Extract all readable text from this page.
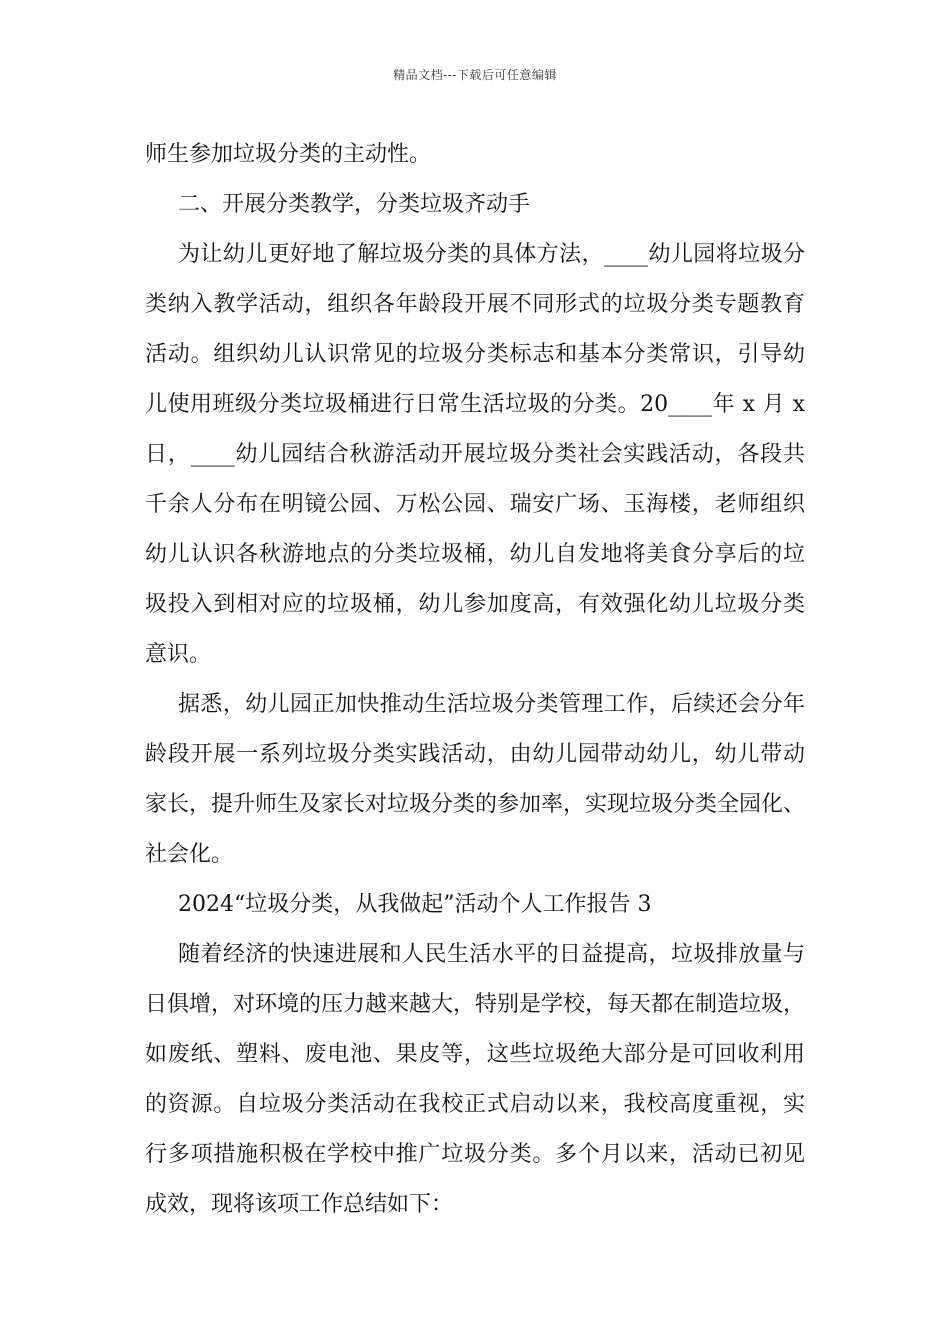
精品文档---下载后可任意编辑
师生参加垃圾分类的主动性。
二、开展分类教学，分类垃圾齐动手
为让幼儿更好地了解垃圾分类的具体方法，____幼儿园将垃圾分
类纳入教学活动，组织各年龄段开展不同形式的垃圾分类专题教育
活动。组织幼儿认识常见的垃圾分类标志和基本分类常识，引导幼
儿使用班级分类垃圾桶进行日常生活垃圾的分类。20____年 x 月 x
日，____幼儿园结合秋游活动开展垃圾分类社会实践活动，各段共
千余人分布在明镜公园、万松公园、瑞安广场、玉海楼，老师组织
幼儿认识各秋游地点的分类垃圾桶，幼儿自发地将美食分享后的垃
圾投入到相对应的垃圾桶，幼儿参加度高，有效强化幼儿垃圾分类
意识。
据悉，幼儿园正加快推动生活垃圾分类管理工作，后续还会分年
龄段开展一系列垃圾分类实践活动，由幼儿园带动幼儿，幼儿带动
家长，提升师生及家长对垃圾分类的参加率，实现垃圾分类全园化、
社会化。
2024“垃圾分类，从我做起”活动个人工作报告 3
随着经济的快速进展和人民生活水平的日益提高，垃圾排放量与
日俱增，对环境的压力越来越大，特别是学校，每天都在制造垃圾，
如废纸、塑料、废电池、果皮等，这些垃圾绝大部分是可回收利用
的资源。自垃圾分类活动在我校正式启动以来，我校高度重视，实
行多项措施积极在学校中推广垃圾分类。多个月以来，活动已初见
成效，现将该项工作总结如下：
